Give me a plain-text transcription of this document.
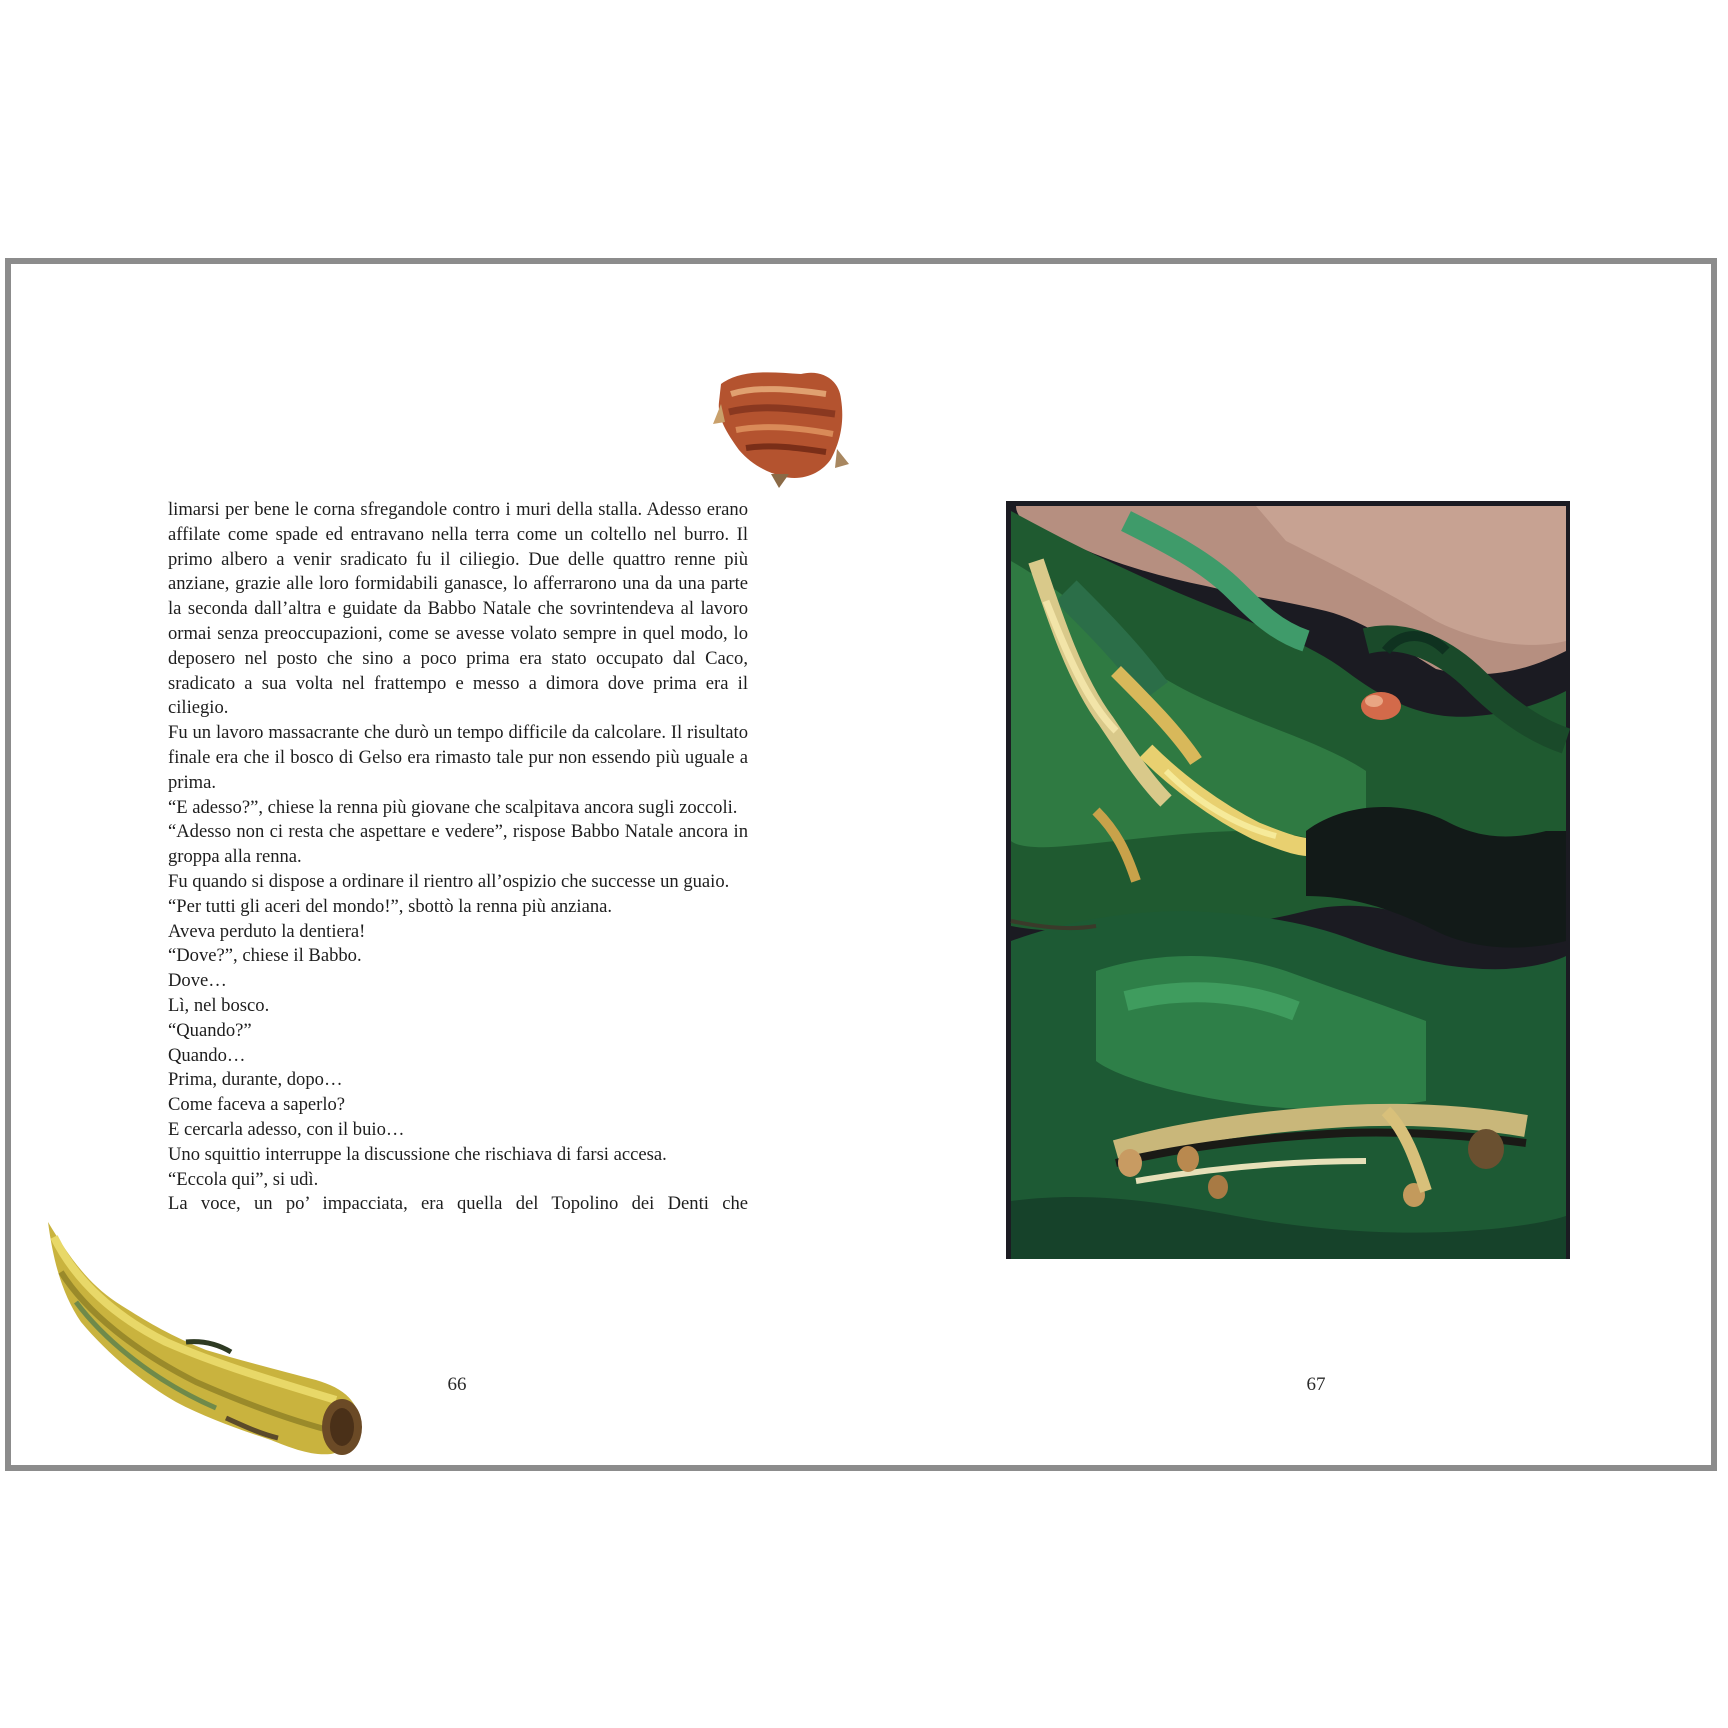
limarsi per bene le corna sfregandole contro i muri della stalla. Adesso erano affilate come spade ed entravano nella terra come un coltello nel burro. Il primo albero a venir sradicato fu il ciliegio. Due delle quattro renne più anziane, grazie alle loro formidabili ganasce, lo afferrarono una da una parte la seconda dall’altra e guidate da Babbo Natale che sovrintendeva al lavoro ormai senza preoccupazioni, come se avesse volato sempre in quel modo, lo deposero nel posto che sino a poco prima era stato occupato dal Caco, sradicato a sua volta nel frattempo e messo a dimora dove prima era il ciliegio.

Fu un lavoro massacrante che durò un tempo difficile da calcolare. Il risultato finale era che il bosco di Gelso era rimasto tale pur non essendo più uguale a prima.

“E adesso?”, chiese la renna più giovane che scalpitava ancora sugli zoccoli.

“Adesso non ci resta che aspettare e vedere”, rispose Babbo Natale ancora in groppa alla renna.

Fu quando si dispose a ordinare il rientro all’ospizio che successe un guaio.

“Per tutti gli aceri del mondo!”, sbottò la renna più anziana.

Aveva perduto la dentiera!

“Dove?”, chiese il Babbo.

Dove…

Lì, nel bosco.

“Quando?”

Quando…

Prima, durante, dopo…

Come faceva a saperlo?

E cercarla adesso, con il buio…

Uno squittio interruppe la discussione che rischiava di farsi accesa.

“Eccola qui”, si udì.

La voce, un po’ impacciata, era quella del Topolino dei Denti che

66	67
